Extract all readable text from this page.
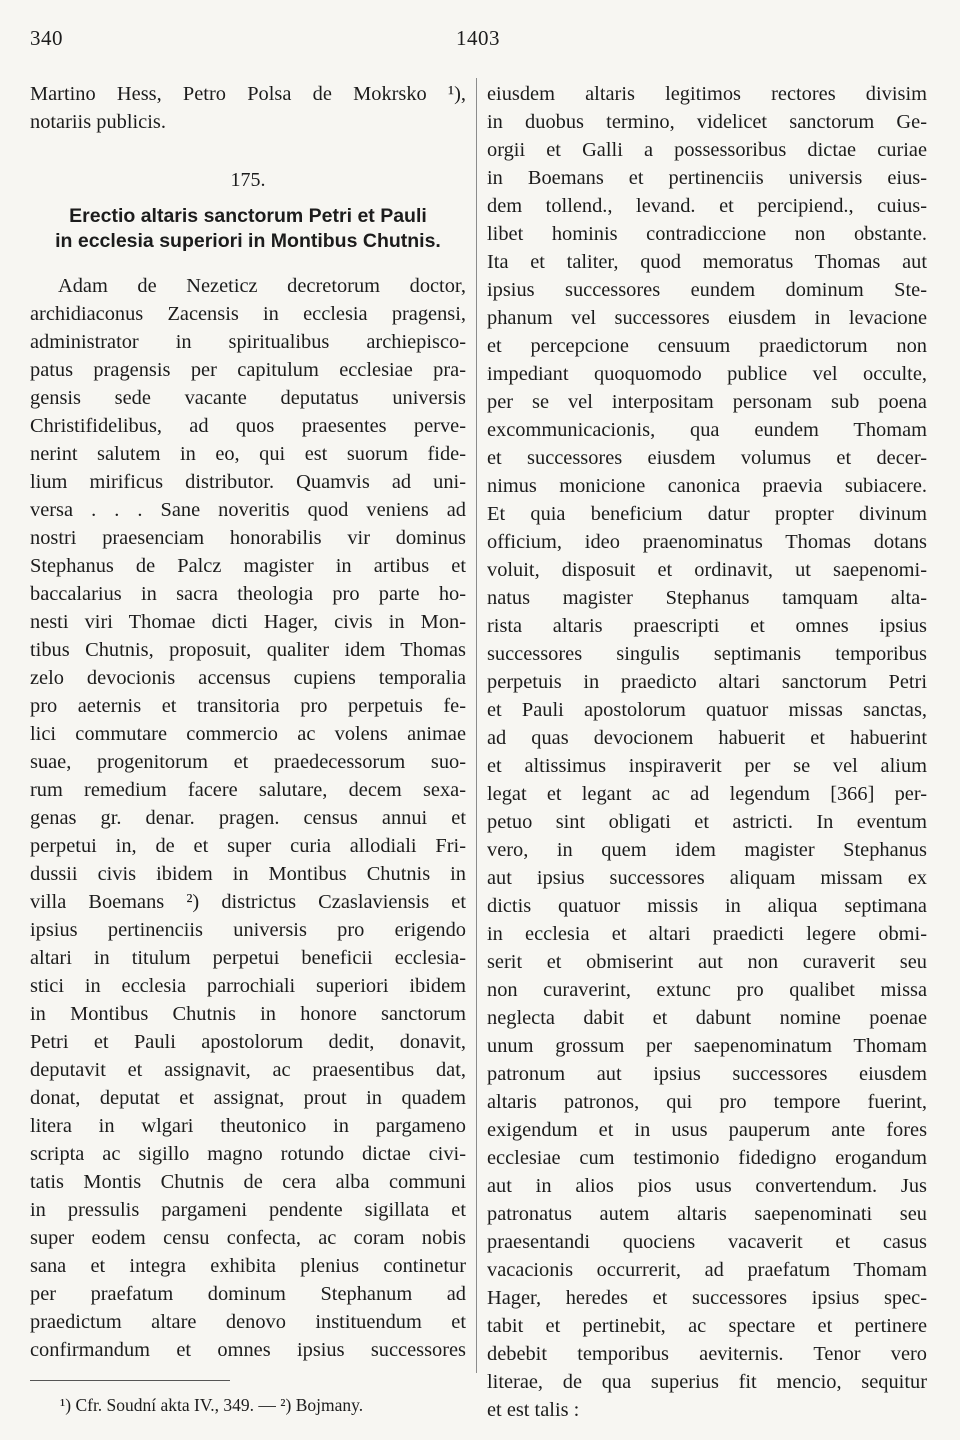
340	1403
Martino Hess, Petro Polsa de Mokrsko ¹),
notariis publicis.
175.
Erectio altaris sanctorum Petri et Pauli
in ecclesia superiori in Montibus Chutnis.
Adam de Nezeticz decretorum doctor,
archidiaconus Zacensis in ecclesia pragensi,
administrator in spiritualibus archiepisco-
patus pragensis per capitulum ecclesiae pra-
gensis sede vacante deputatus universis
Christifidelibus, ad quos praesentes perve-
nerint salutem in eo, qui est suorum fide-
lium mirificus distributor. Quamvis ad uni-
versa . . . Sane noveritis quod veniens ad
nostri praesenciam honorabilis vir dominus
Stephanus de Palcz magister in artibus et
baccalarius in sacra theologia pro parte ho-
nesti viri Thomae dicti Hager, civis in Mon-
tibus Chutnis, proposuit, qualiter idem Thomas
zelo devocionis accensus cupiens temporalia
pro aeternis et transitoria pro perpetuis fe-
lici commutare commercio ac volens animae
suae, progenitorum et praedecessorum suo-
rum remedium facere salutare, decem sexa-
genas gr. denar. pragen. census annui et
perpetui in, de et super curia allodiali Fri-
dussii civis ibidem in Montibus Chutnis in
villa Boemans ²) districtus Czaslaviensis et
ipsius pertinenciis universis pro erigendo
altari in titulum perpetui beneficii ecclesia-
stici in ecclesia parrochiali superiori ibidem
in Montibus Chutnis in honore sanctorum
Petri et Pauli apostolorum dedit, donavit,
deputavit et assignavit, ac praesentibus dat,
donat, deputat et assignat, prout in quadem
litera in wlgari theutonico in pargameno
scripta ac sigillo magno rotundo dictae civi-
tatis Montis Chutnis de cera alba communi
in pressulis pargameni pendente sigillata et
super eodem censu confecta, ac coram nobis
sana et integra exhibita plenius continetur
per praefatum dominum Stephanum ad
praedictum altare denovo instituendum et
confirmandum et omnes ipsius successores
¹) Cfr. Soudní akta IV., 349. — ²) Bojmany.
eiusdem altaris legitimos rectores divisim
in duobus termino, videlicet sanctorum Ge-
orgii et Galli a possessoribus dictae curiae
in Boemans et pertinenciis universis eius-
dem tollend., levand. et percipiend., cuius-
libet hominis contradiccione non obstante.
Ita et taliter, quod memoratus Thomas aut
ipsius successores eundem dominum Ste-
phanum vel successores eiusdem in levacione
et percepcione censuum praedictorum non
impediant quoquomodo publice vel occulte,
per se vel interpositam personam sub poena
excommunicacionis, qua eundem Thomam
et successores eiusdem volumus et decer-
nimus monicione canonica praevia subiacere.
Et quia beneficium datur propter divinum
officium, ideo praenominatus Thomas dotans
voluit, disposuit et ordinavit, ut saepenomi-
natus magister Stephanus tamquam alta-
rista altaris praescripti et omnes ipsius
successores singulis septimanis temporibus
perpetuis in praedicto altari sanctorum Petri
et Pauli apostolorum quatuor missas sanctas,
ad quas devocionem habuerit et habuerint
et altissimus inspiraverit per se vel alium
legat et legant ac ad legendum [366] per-
petuo sint obligati et astricti. In eventum
vero, in quem idem magister Stephanus
aut ipsius successores aliquam missam ex
dictis quatuor missis in aliqua septimana
in ecclesia et altari praedicti legere obmi-
serit et obmiserint aut non curaverit seu
non curaverint, extunc pro qualibet missa
neglecta dabit et dabunt nomine poenae
unum grossum per saepenominatum Thomam
patronum aut ipsius successores eiusdem
altaris patronos, qui pro tempore fuerint,
exigendum et in usus pauperum ante fores
ecclesiae cum testimonio fidedigno erogandum
aut in alios pios usus convertendum. Jus
patronatus autem altaris saepenominati seu
praesentandi quociens vacaverit et casus
vacacionis occurrerit, ad praefatum Thomam
Hager, heredes et successores ipsius spec-
tabit et pertinebit, ac spectare et pertinere
debebit temporibus aeviternis. Tenor vero
literae, de qua superius fit mencio, sequitur
et est talis :
